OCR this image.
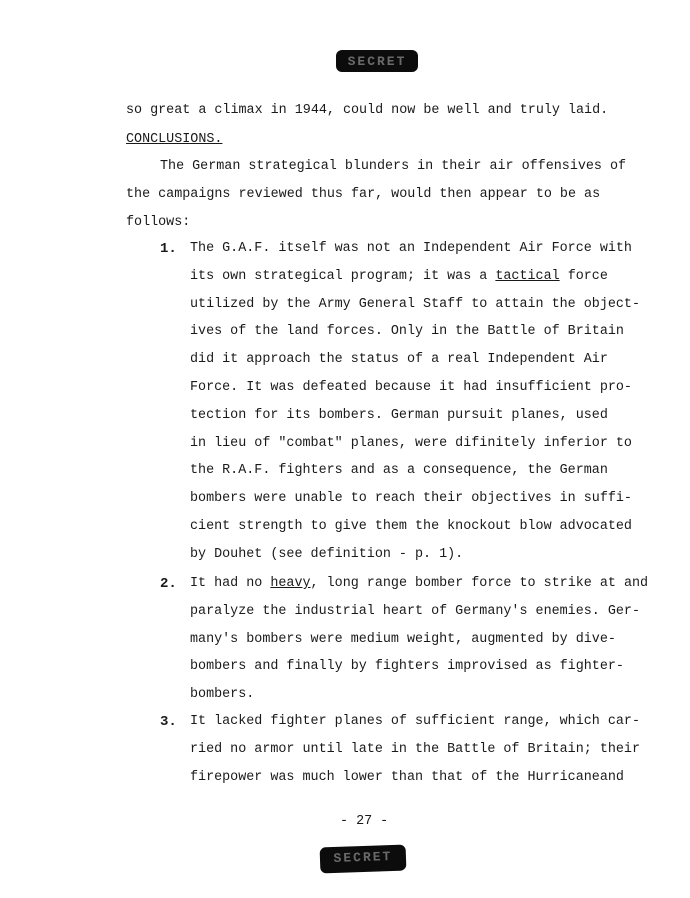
SECRET
so great a climax in 1944, could now be well and truly laid.
CONCLUSIONS.
The German strategical blunders in their air offensives of
the campaigns reviewed thus far, would then appear to be as
follows:
1. The G.A.F. itself was not an Independent Air Force with
its own strategical program; it was a tactical force
utilized by the Army General Staff to attain the object-
ives of the land forces. Only in the Battle of Britain
did it approach the status of a real Independent Air
Force. It was defeated because it had insufficient pro-
tection for its bombers. German pursuit planes, used
in lieu of "combat" planes, were difinitely inferior to
the R.A.F. fighters and as a consequence, the German
bombers were unable to reach their objectives in suffi-
cient strength to give them the knockout blow advocated
by Douhet (see definition - p. 1).
2. It had no heavy, long range bomber force to strike at and
paralyze the industrial heart of Germany's enemies. Ger-
many's bombers were medium weight, augmented by dive-
bombers and finally by fighters improvised as fighter-
bombers.
3. It lacked fighter planes of sufficient range, which car-
ried no armor until late in the Battle of Britain; their
firepower was much lower than that of the Hurricaneand
- 27 -
SECRET
